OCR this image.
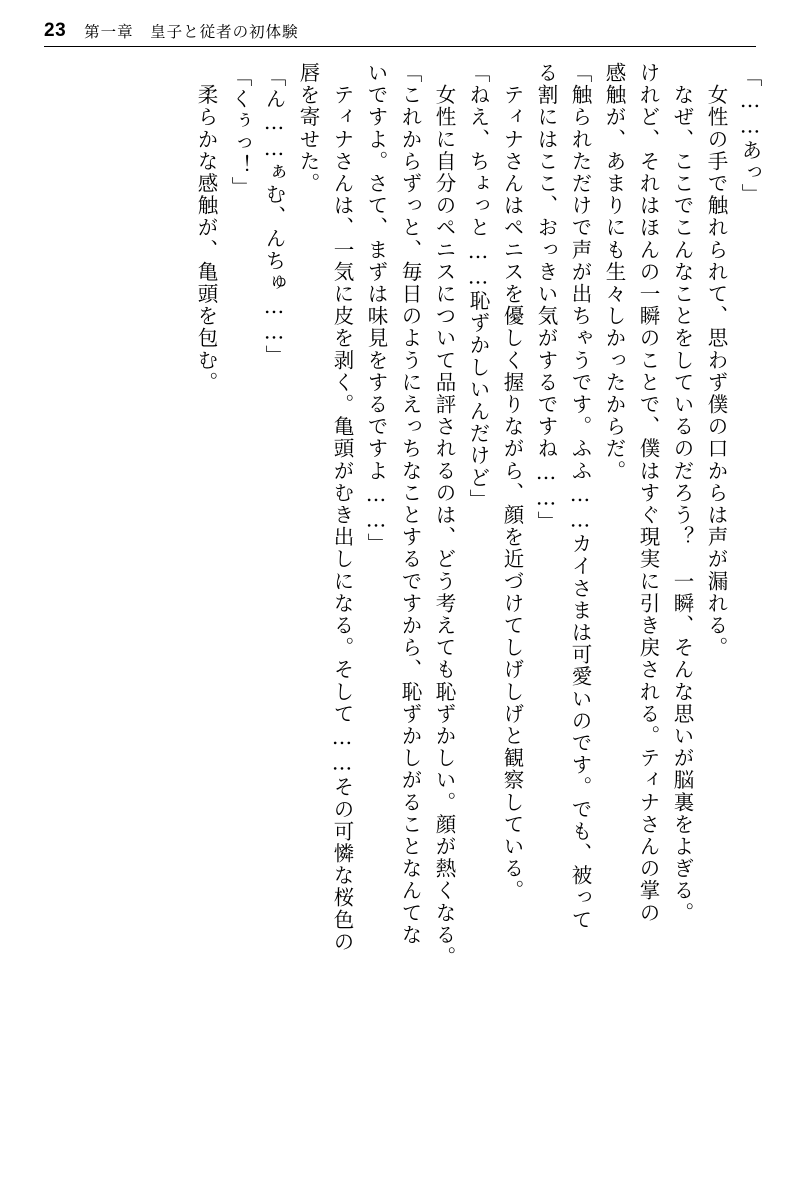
23 第一章　皇子と従者の初体験
「……あっ」
　女性の手で触れられて、思わず僕の口からは声が漏れる。
　なぜ、ここでこんなことをしているのだろう？　一瞬、そんな思いが脳裏をよぎる。
けれど、それはほんの一瞬のことで、僕はすぐ現実に引き戻される。ティナさんの掌の
感触が、あまりにも生々しかったからだ。
「触られただけで声が出ちゃうです。ふふ……カイさまは可愛いのです。でも、被って
る割にはここ、おっきい気がするですね……」
　ティナさんはペニスを優しく握りながら、顔を近づけてしげしげと観察している。
「ねえ、ちょっと……恥ずかしいんだけど」
　女性に自分のペニスについて品評されるのは、どう考えても恥ずかしい。顔が熱くなる。
「これからずっと、毎日のようにえっちなことするですから、恥ずかしがることなんてな
いですよ。さて、まずは味見をするですよ……」
　ティナさんは、一気に皮を剥く。亀頭がむき出しになる。そして……その可憐な桜色の
唇を寄せた。
「ん……ぁむ、んちゅ……」
「くぅっ！」
　柔らかな感触が、亀頭を包む。
